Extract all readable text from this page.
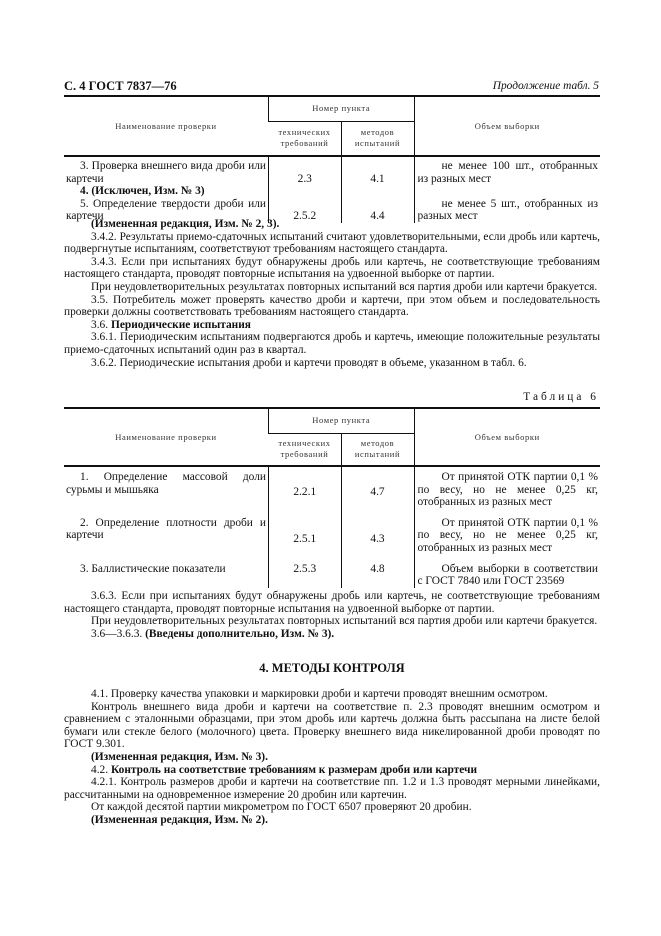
С. 4 ГОСТ 7837—76	Продолжение табл. 5
Наименование проверки	Номер пункта		Объем выборки
	технических требований	методов испытаний	
3. Проверка внешнего вида дроби или картечи	2.3	4.1	не менее 100 шт., отобранных из разных мест
4. (Исключен, Изм. № 3)			
5. Определение твердости дроби или картечи	2.5.2	4.4	не менее 5 шт., отобранных из разных мест

(Измененная редакция, Изм. № 2, 3).

3.4.2. Результаты приемо-сдаточных испытаний считают удовлетворительными, если дробь или картечь, подвергнутые испытаниям, соответствуют требованиям настоящего стандарта.

3.4.3. Если при испытаниях будут обнаружены дробь или картечь, не соответствующие требованиям настоящего стандарта, проводят повторные испытания на удвоенной выборке от партии.

При неудовлетворительных результатах повторных испытаний вся партия дроби или картечи бракуется.

3.5. Потребитель может проверять качество дроби и картечи, при этом объем и последовательность проверки должны соответствовать требованиям настоящего стандарта.

3.6. Периодические испытания

3.6.1. Периодическим испытаниям подвергаются дробь и картечь, имеющие положительные результаты приемо-сдаточных испытаний один раз в квартал.

3.6.2. Периодические испытания дроби и картечи проводят в объеме, указанном в табл. 6.

Таблица 6
Наименование проверки	Номер пункта		Объем выборки
	технических требований	методов испытаний	
1. Определение массовой доли сурьмы и мышьяка	2.2.1	4.7	От принятой ОТК партии 0,1 % по весу, но не менее 0,25 кг, отобранных из разных мест
2. Определение плотности дроби и картечи	2.5.1	4.3	От принятой ОТК партии 0,1 % по весу, но не менее 0,25 кг, отобранных из разных мест
3. Баллистические показатели	2.5.3	4.8	Объем выборки в соответствии с ГОСТ 7840 или ГОСТ 23569

3.6.3. Если при испытаниях будут обнаружены дробь или картечь, не соответствующие требованиям настоящего стандарта, проводят повторные испытания на удвоенной выборке от партии.

При неудовлетворительных результатах повторных испытаний вся партия дроби или картечи бракуется.

3.6—3.6.3. (Введены дополнительно, Изм. № 3).

4. МЕТОДЫ КОНТРОЛЯ

4.1. Проверку качества упаковки и маркировки дроби и картечи проводят внешним осмотром.

Контроль внешнего вида дроби и картечи на соответствие п. 2.3 проводят внешним осмотром и сравнением с эталонными образцами, при этом дробь или картечь должна быть рассыпана на листе белой бумаги или стекле белого (молочного) цвета. Проверку внешнего вида никелированной дроби проводят по ГОСТ 9.301.

(Измененная редакция, Изм. № 3).

4.2. Контроль на соответствие требованиям к размерам дроби или картечи

4.2.1. Контроль размеров дроби и картечи на соответствие пп. 1.2 и 1.3 проводят мерными линейками, рассчитанными на одновременное измерение 20 дробин или картечин.

От каждой десятой партии микрометром по ГОСТ 6507 проверяют 20 дробин.

(Измененная редакция, Изм. № 2).
